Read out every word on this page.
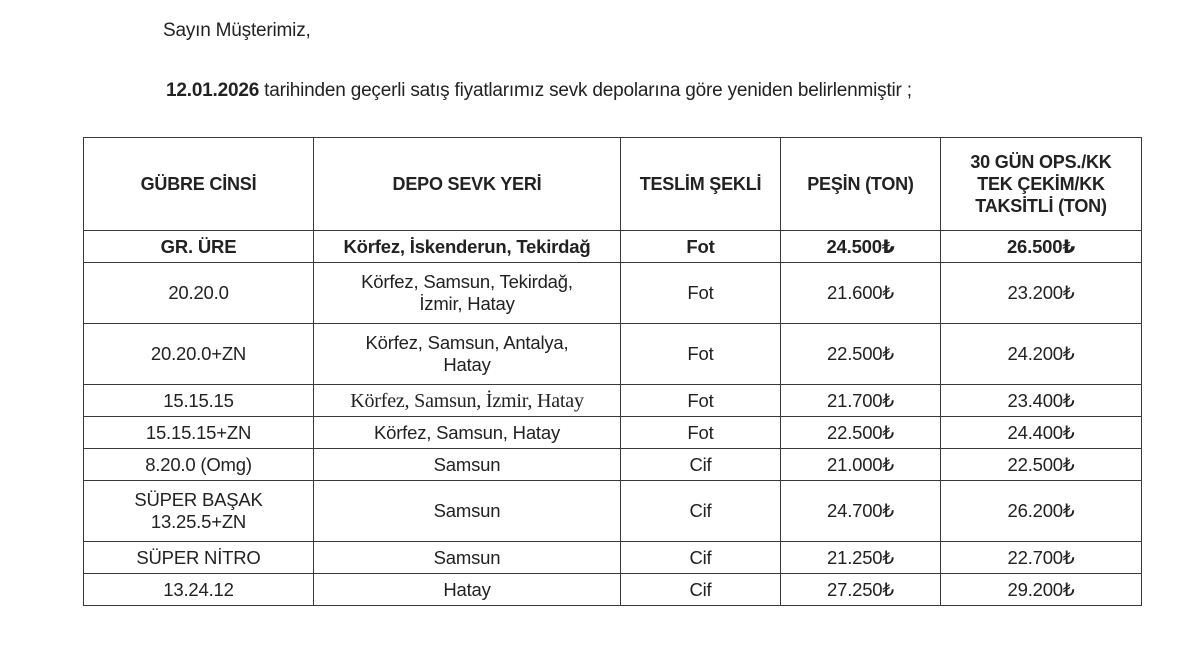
Sayın Müşterimiz,
12.01.2026 tarihinden geçerli satış fiyatlarımız sevk depolarına göre yeniden belirlenmiştir ;
GÜBRE CİNSİ	DEPO SEVK YERİ	TESLİM ŞEKLİ	PEŞİN (TON)	30 GÜN OPS./KK
TEK ÇEKİM/KK
TAKSİTLİ (TON)

GR. ÜRE	Körfez, İskenderun, Tekirdağ	Fot	24.500₺	26.500₺
20.20.0	Körfez, Samsun, Tekirdağ,
İzmir, Hatay	Fot	21.600₺	23.200₺
20.20.0+ZN	Körfez, Samsun, Antalya,
Hatay	Fot	22.500₺	24.200₺
15.15.15	Körfez, Samsun, İzmir, Hatay	Fot	21.700₺	23.400₺
15.15.15+ZN	Körfez, Samsun, Hatay	Fot	22.500₺	24.400₺
8.20.0 (Omg)	Samsun	Cif	21.000₺	22.500₺

SÜPER BAŞAK
13.25.5+ZN	Samsun	Cif	24.700₺	26.200₺
SÜPER NİTRO	Samsun	Cif	21.250₺	22.700₺
13.24.12	Hatay	Cif	27.250₺	29.200₺
